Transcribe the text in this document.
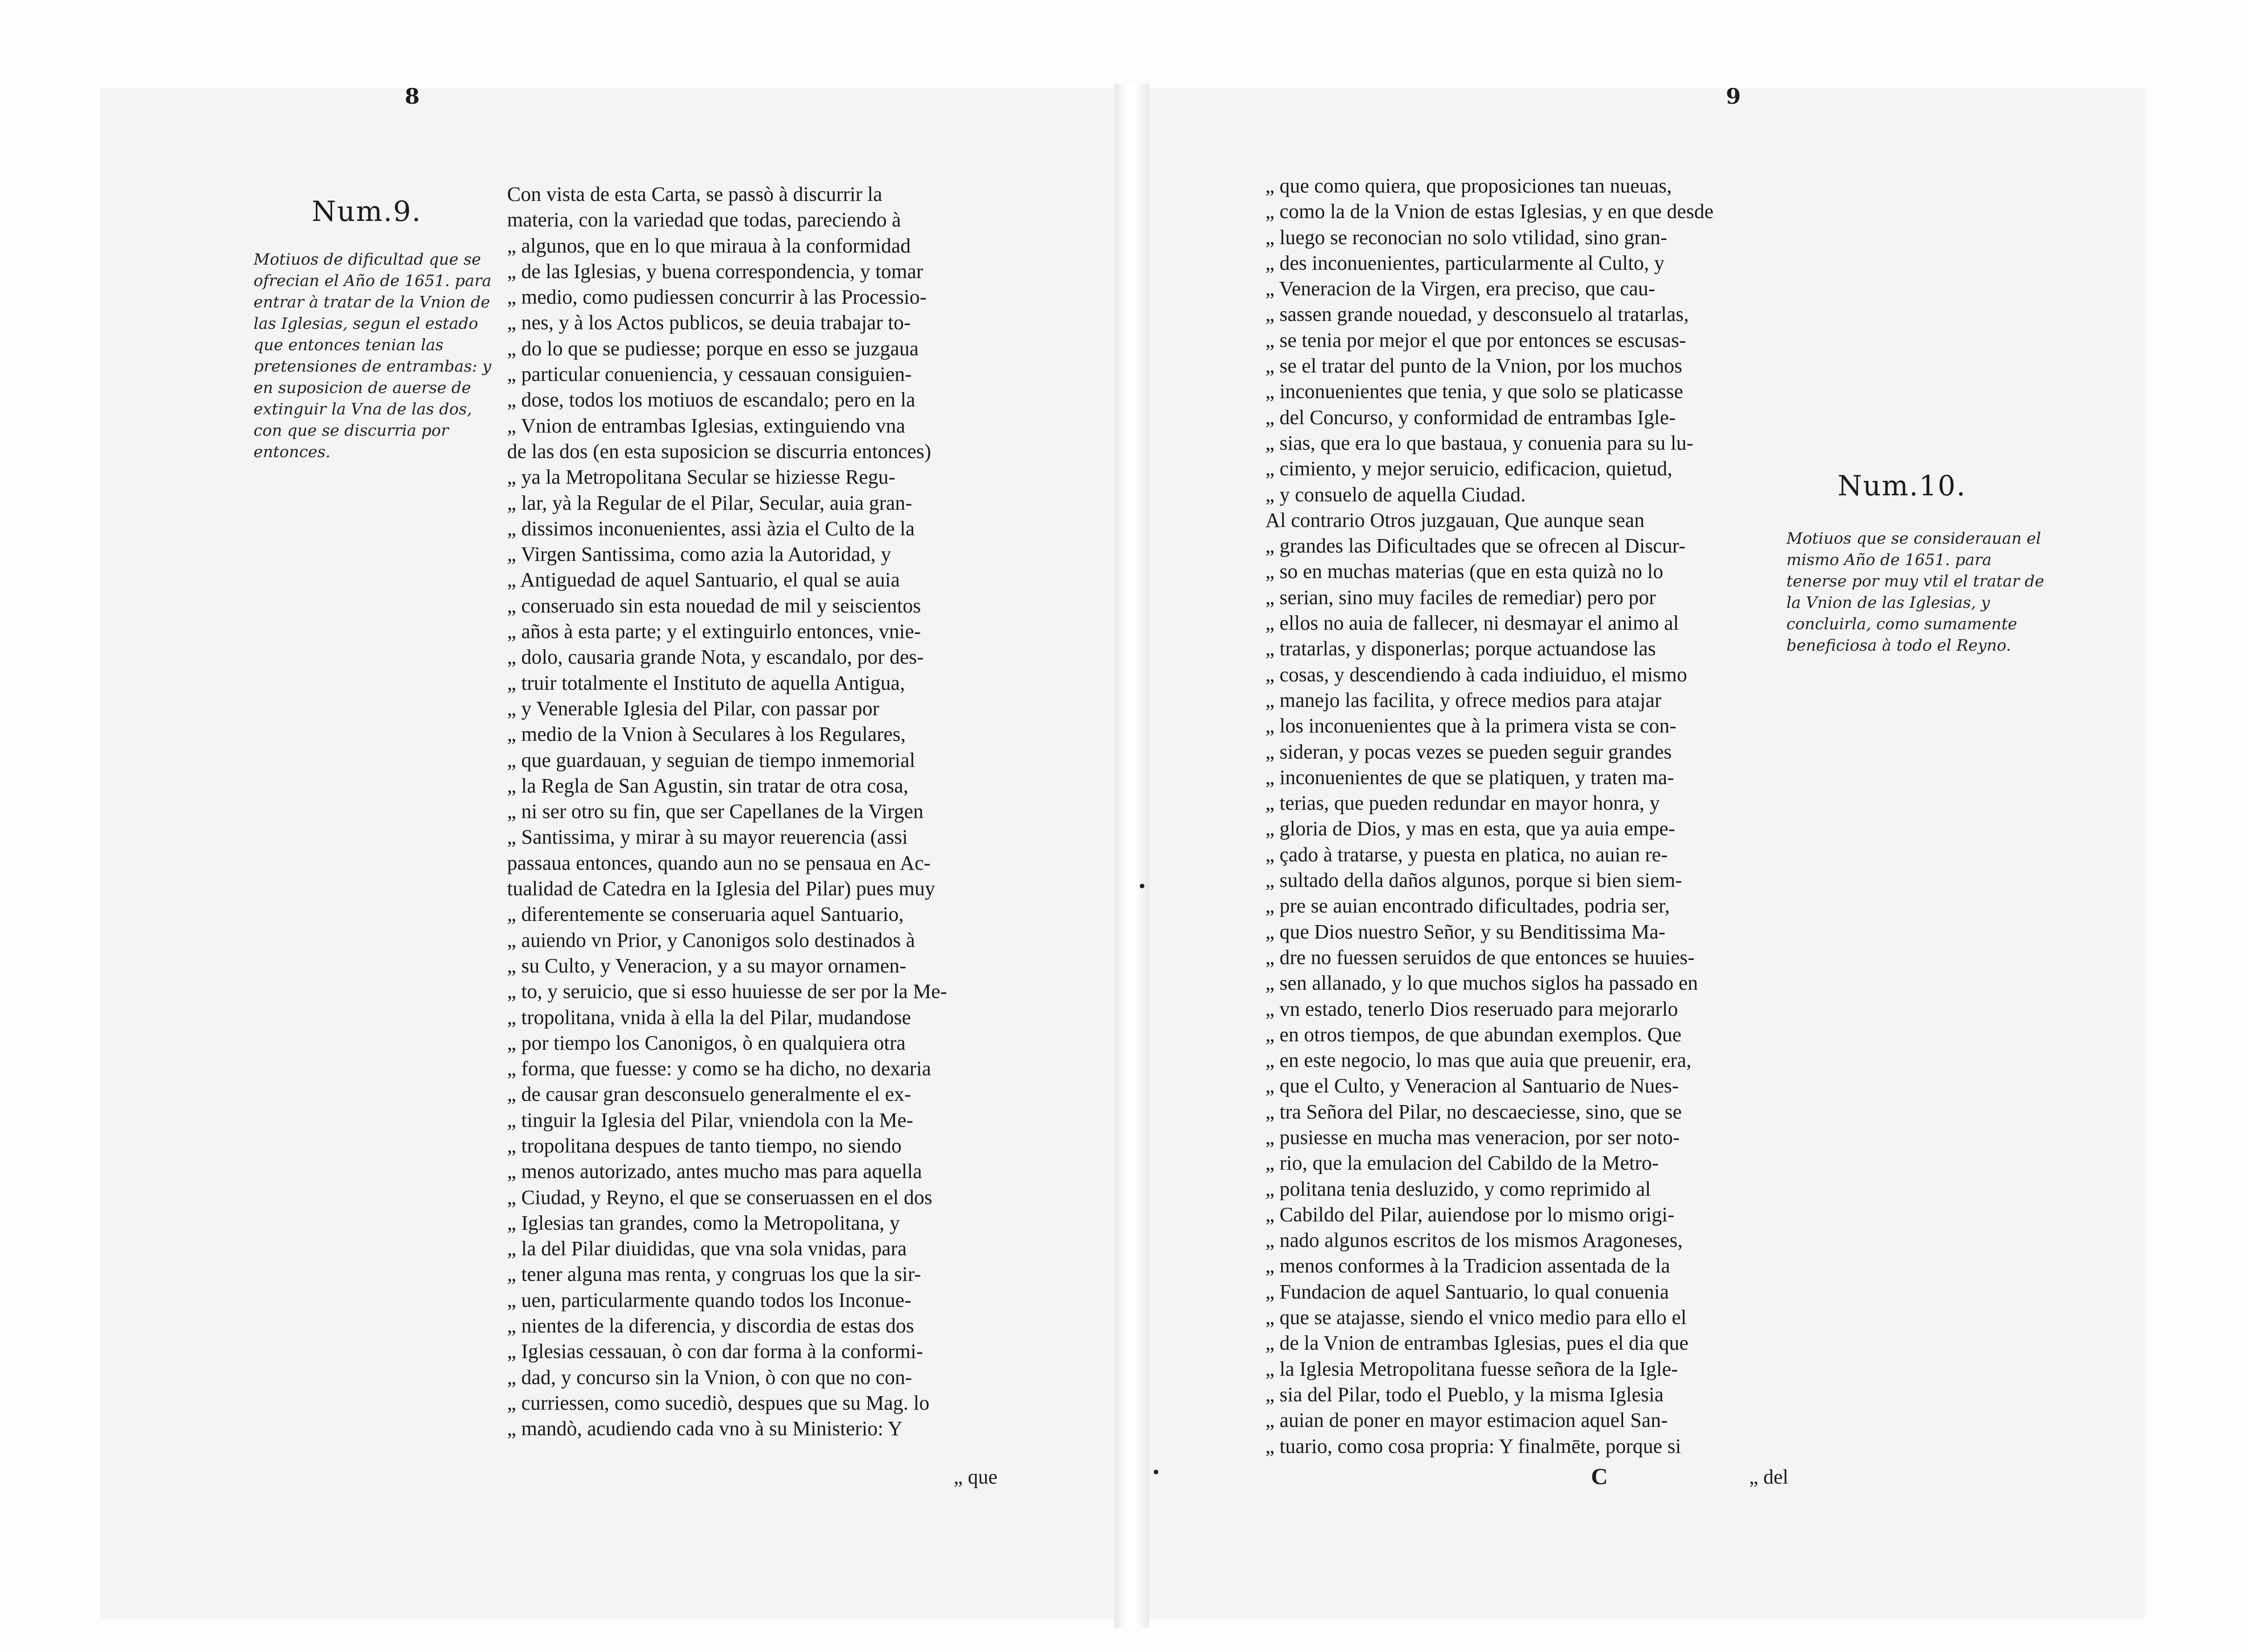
8
Num.9.

Motiuos de dificultad que se ofrecian el Año de 1651. para entrar à tratar de la Vnion de las Iglesias, segun el estado que entonces tenian las pretensiones de entrambas: y en suposicion de auerse de extinguir la Vna de las dos, con que se discurria por entonces.

Con vista de esta Carta, se passò à discurrir la
materia, con la variedad que todas, pareciendo à
„ algunos, que en lo que miraua à la conformidad
„ de las Iglesias, y buena correspondencia, y tomar
„ medio, como pudiessen concurrir à las Processio-
„ nes, y à los Actos publicos, se deuia trabajar to-
„ do lo que se pudiesse; porque en esso se juzgaua
„ particular conueniencia, y cessauan consiguien-
„ dose, todos los motiuos de escandalo; pero en la
„ Vnion de entrambas Iglesias, extinguiendo vna
de las dos (en esta suposicion se discurria entonces)
„ ya la Metropolitana Secular se hiziesse Regu-
„ lar, yà la Regular de el Pilar, Secular, auia gran-
„ dissimos inconuenientes, assi àzia el Culto de la
„ Virgen Santissima, como azia la Autoridad, y
„ Antiguedad de aquel Santuario, el qual se auia
„ conseruado sin esta nouedad de mil y seiscientos
„ años à esta parte; y el extinguirlo entonces, vnie-
„ dolo, causaria grande Nota, y escandalo, por des-
„ truir totalmente el Instituto de aquella Antigua,
„ y Venerable Iglesia del Pilar, con passar por
„ medio de la Vnion à Seculares à los Regulares,
„ que guardauan, y seguian de tiempo inmemorial
„ la Regla de San Agustin, sin tratar de otra cosa,
„ ni ser otro su fin, que ser Capellanes de la Virgen
„ Santissima, y mirar à su mayor reuerencia (assi
passaua entonces, quando aun no se pensaua en Ac-
tualidad de Catedra en la Iglesia del Pilar) pues muy
„ diferentemente se conseruaria aquel Santuario,
„ auiendo vn Prior, y Canonigos solo destinados à
„ su Culto, y Veneracion, y a su mayor ornamen-
„ to, y seruicio, que si esso huuiesse de ser por la Me-
„ tropolitana, vnida à ella la del Pilar, mudandose
„ por tiempo los Canonigos, ò en qualquiera otra
„ forma, que fuesse: y como se ha dicho, no dexaria
„ de causar gran desconsuelo generalmente el ex-
„ tinguir la Iglesia del Pilar, vniendola con la Me-
„ tropolitana despues de tanto tiempo, no siendo
„ menos autorizado, antes mucho mas para aquella
„ Ciudad, y Reyno, el que se conseruassen en el dos
„ Iglesias tan grandes, como la Metropolitana, y
„ la del Pilar diuididas, que vna sola vnidas, para
„ tener alguna mas renta, y congruas los que la sir-
„ uen, particularmente quando todos los Inconue-
„ nientes de la diferencia, y discordia de estas dos
„ Iglesias cessauan, ò con dar forma à la conformi-
„ dad, y concurso sin la Vnion, ò con que no con-
„ curriessen, como sucediò, despues que su Mag. lo
„ mandò, acudiendo cada vno à su Ministerio: Y
„ que
9
Num.10.

Motiuos que se considerauan el mismo Año de 1651. para tenerse por muy vtil el tratar de la Vnion de las Iglesias, y concluirla, como sumamente beneficiosa à todo el Reyno.

„ que como quiera, que proposiciones tan nueuas,
„ como la de la Vnion de estas Iglesias, y en que desde
„ luego se reconocian no solo vtilidad, sino gran-
„ des inconuenientes, particularmente al Culto, y
„ Veneracion de la Virgen, era preciso, que cau-
„ sassen grande nouedad, y desconsuelo al tratarlas,
„ se tenia por mejor el que por entonces se escusas-
„ se el tratar del punto de la Vnion, por los muchos
„ inconuenientes que tenia, y que solo se platicasse
„ del Concurso, y conformidad de entrambas Igle-
„ sias, que era lo que bastaua, y conuenia para su lu-
„ cimiento, y mejor seruicio, edificacion, quietud,
„ y consuelo de aquella Ciudad.
Al contrario Otros juzgauan, Que aunque sean
„ grandes las Dificultades que se ofrecen al Discur-
„ so en muchas materias (que en esta quizà no lo
„ serian, sino muy faciles de remediar) pero por
„ ellos no auia de fallecer, ni desmayar el animo al
„ tratarlas, y disponerlas; porque actuandose las
„ cosas, y descendiendo à cada indiuiduo, el mismo
„ manejo las facilita, y ofrece medios para atajar
„ los inconuenientes que à la primera vista se con-
„ sideran, y pocas vezes se pueden seguir grandes
„ inconuenientes de que se platiquen, y traten ma-
„ terias, que pueden redundar en mayor honra, y
„ gloria de Dios, y mas en esta, que ya auia empe-
„ çado à tratarse, y puesta en platica, no auian re-
„ sultado della daños algunos, porque si bien siem-
„ pre se auian encontrado dificultades, podria ser,
„ que Dios nuestro Señor, y su Benditissima Ma-
„ dre no fuessen seruidos de que entonces se huuies-
„ sen allanado, y lo que muchos siglos ha passado en
„ vn estado, tenerlo Dios reseruado para mejorarlo
„ en otros tiempos, de que abundan exemplos. Que
„ en este negocio, lo mas que auia que preuenir, era,
„ que el Culto, y Veneracion al Santuario de Nues-
„ tra Señora del Pilar, no descaeciesse, sino, que se
„ pusiesse en mucha mas veneracion, por ser noto-
„ rio, que la emulacion del Cabildo de la Metro-
„ politana tenia desluzido, y como reprimido al
„ Cabildo del Pilar, auiendose por lo mismo origi-
„ nado algunos escritos de los mismos Aragoneses,
„ menos conformes à la Tradicion assentada de la
„ Fundacion de aquel Santuario, lo qual conuenia
„ que se atajasse, siendo el vnico medio para ello el
„ de la Vnion de entrambas Iglesias, pues el dia que
„ la Iglesia Metropolitana fuesse señora de la Igle-
„ sia del Pilar, todo el Pueblo, y la misma Iglesia
„ auian de poner en mayor estimacion aquel San-
„ tuario, como cosa propria: Y finalmēte, porque si
C	„ del
